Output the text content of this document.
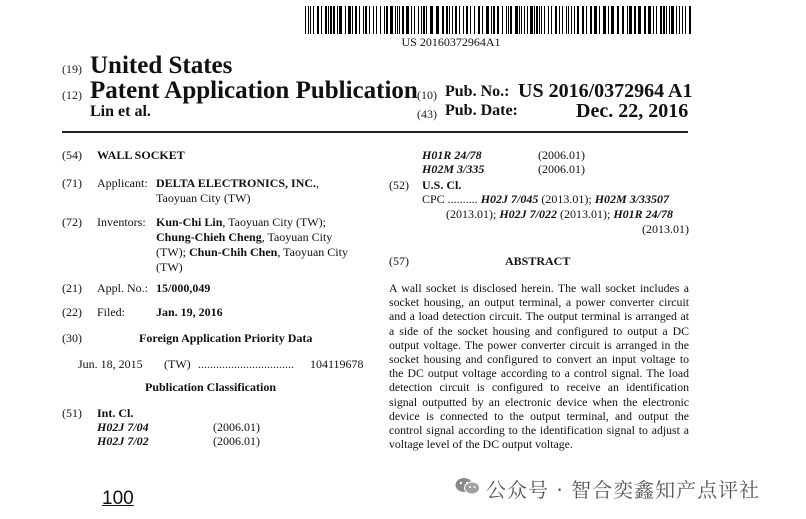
US 20160372964A1
(19) United States
(12) Patent Application Publication
Lin et al.
(10) Pub. No.: US 2016/0372964 A1
(43) Pub. Date:	Dec. 22, 2016
(54) WALL SOCKET
(71) Applicant: DELTA ELECTRONICS, INC.,
Taoyuan City (TW)
(72) Inventors: Kun-Chi Lin, Taoyuan City (TW);
Chung-Chieh Cheng, Taoyuan City
(TW); Chun-Chih Chen, Taoyuan City
(TW)
(21) Appl. No.: 15/000,049
(22) Filed:	Jan. 19, 2016
(30)	Foreign Application Priority Data
Jun. 18, 2015 (TW) ................................ 104119678
Publication Classification
(51) Int. Cl.
H02J 7/04	(2006.01)
H02J 7/02	(2006.01)
H01R 24/78	(2006.01)
H02M 3/335	(2006.01)
(52) U.S. Cl.
CPC .......... H02J 7/045 (2013.01); H02M 3/33507
(2013.01); H02J 7/022 (2013.01); H01R 24/78
(2013.01)
(57)	ABSTRACT
A wall socket is disclosed herein. The wall socket includes a socket housing, an output terminal, a power converter circuit and a load detection circuit. The output terminal is arranged at a side of the socket housing and configured to output a DC output voltage. The power converter circuit is arranged in the socket housing and configured to convert an input voltage to the DC output voltage according to a control signal. The load detection circuit is configured to receive an identification signal outputted by an electronic device when the electronic device is connected to the output terminal, and output the control signal according to the identification signal to adjust a voltage level of the DC output voltage.
公众号 · 智合奕鑫知产点评社
100
